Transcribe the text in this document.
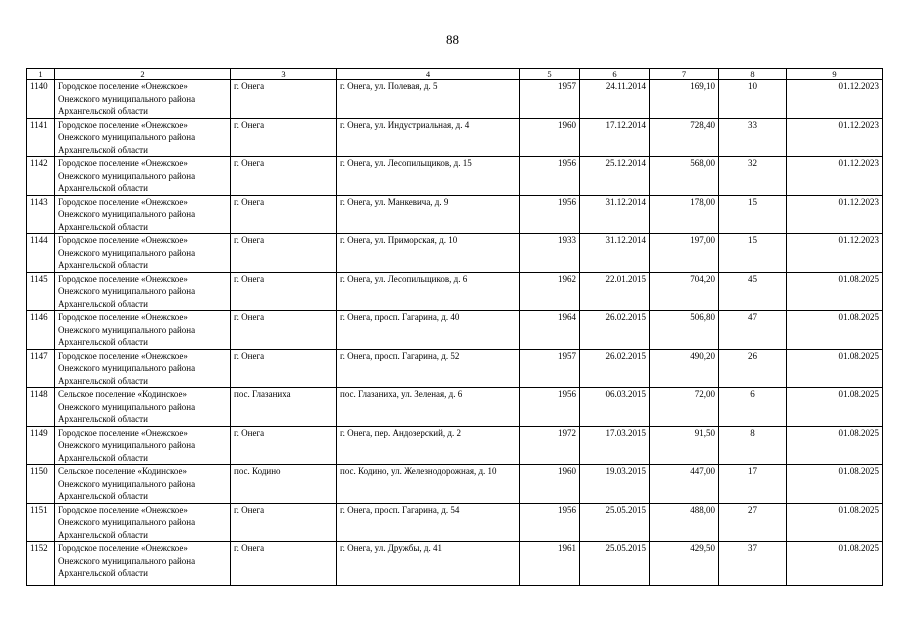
88
1	2	3	4	5	6	7	8	9
1140	Городское поселение «Онежское» Онежского муниципального района Архангельской области	г. Онега	г. Онега, ул. Полевая, д. 5	1957	24.11.2014	169,10	10	01.12.2023
1141	Городское поселение «Онежское» Онежского муниципального района Архангельской области	г. Онега	г. Онега, ул. Индустриальная, д. 4	1960	17.12.2014	728,40	33	01.12.2023
1142	Городское поселение «Онежское» Онежского муниципального района Архангельской области	г. Онега	г. Онега, ул. Лесопильщиков, д. 15	1956	25.12.2014	568,00	32	01.12.2023
1143	Городское поселение «Онежское» Онежского муниципального района Архангельской области	г. Онега	г. Онега, ул. Манкевича, д. 9	1956	31.12.2014	178,00	15	01.12.2023
1144	Городское поселение «Онежское» Онежского муниципального района Архангельской области	г. Онега	г. Онега, ул. Приморская, д. 10	1933	31.12.2014	197,00	15	01.12.2023
1145	Городское поселение «Онежское» Онежского муниципального района Архангельской области	г. Онега	г. Онега, ул. Лесопильщиков, д. 6	1962	22.01.2015	704,20	45	01.08.2025
1146	Городское поселение «Онежское» Онежского муниципального района Архангельской области	г. Онега	г. Онега, просп. Гагарина, д. 40	1964	26.02.2015	506,80	47	01.08.2025
1147	Городское поселение «Онежское» Онежского муниципального района Архангельской области	г. Онега	г. Онега, просп. Гагарина, д. 52	1957	26.02.2015	490,20	26	01.08.2025
1148	Сельское поселение «Кодинское» Онежского муниципального района Архангельской области	пос. Глазаниха	пос. Глазаниха, ул. Зеленая, д. 6	1956	06.03.2015	72,00	6	01.08.2025
1149	Городское поселение «Онежское» Онежского муниципального района Архангельской области	г. Онега	г. Онега, пер. Андозерский, д. 2	1972	17.03.2015	91,50	8	01.08.2025
1150	Сельское поселение «Кодинское» Онежского муниципального района Архангельской области	пос. Кодино	пос. Кодино, ул. Железнодорожная, д. 10	1960	19.03.2015	447,00	17	01.08.2025
1151	Городское поселение «Онежское» Онежского муниципального района Архангельской области	г. Онега	г. Онега, просп. Гагарина, д. 54	1956	25.05.2015	488,00	27	01.08.2025
1152	Городское поселение «Онежское» Онежского муниципального района Архангельской области	г. Онега	г. Онега, ул. Дружбы, д. 41	1961	25.05.2015	429,50	37	01.08.2025
